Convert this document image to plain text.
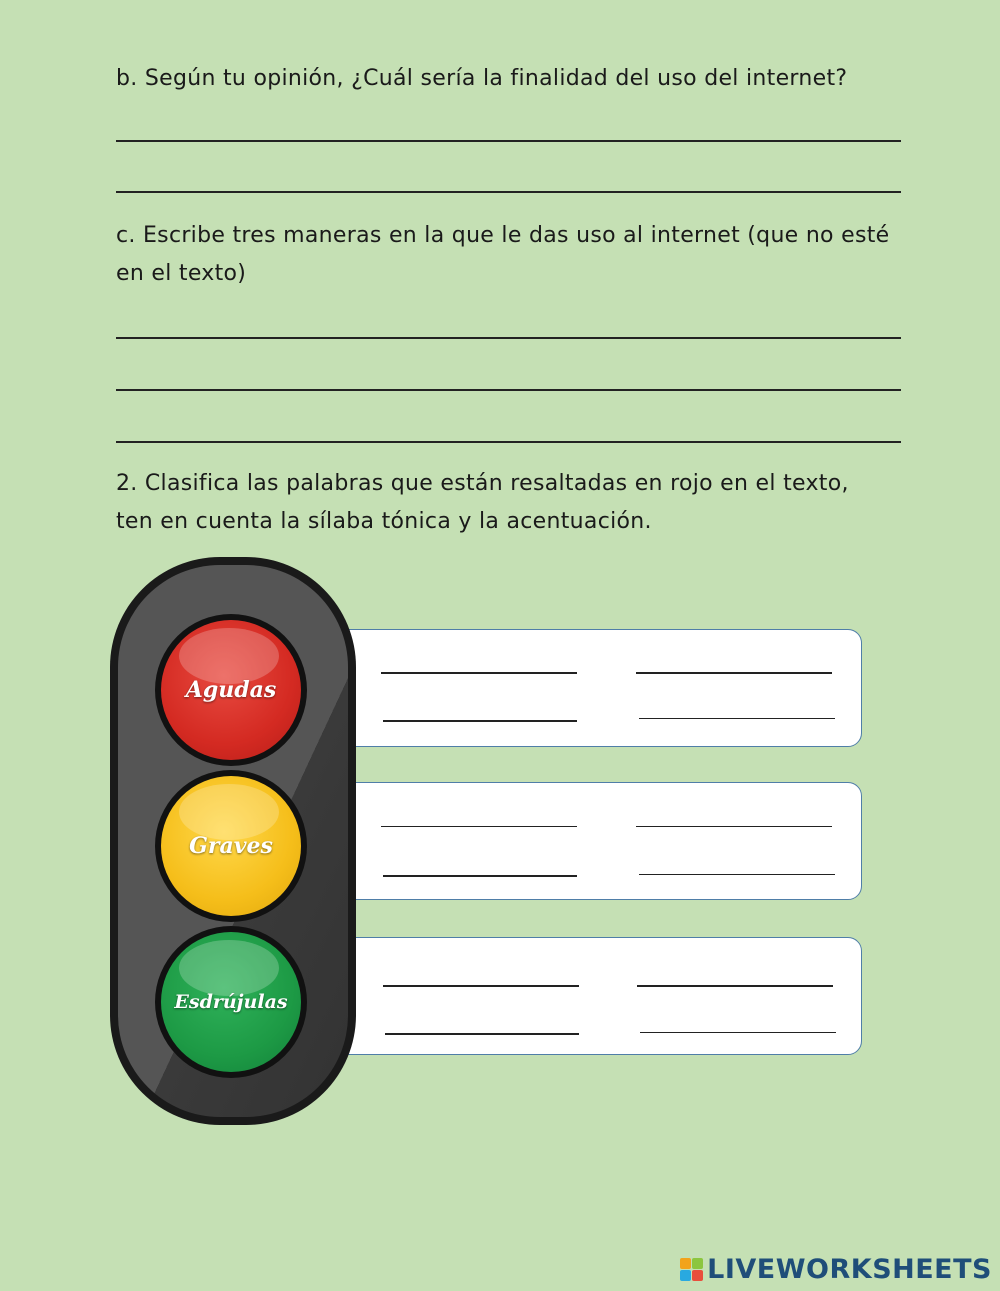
b. Según tu opinión, ¿Cuál sería la finalidad del uso del internet?
c. Escribe tres maneras en la que le das uso al internet (que no esté
en el texto)
2. Clasifica las palabras que están resaltadas en rojo en el texto,
ten en cuenta la sílaba tónica y la acentuación.
Agudas
Graves
Esdrújulas
LIVEWORKSHEETS
